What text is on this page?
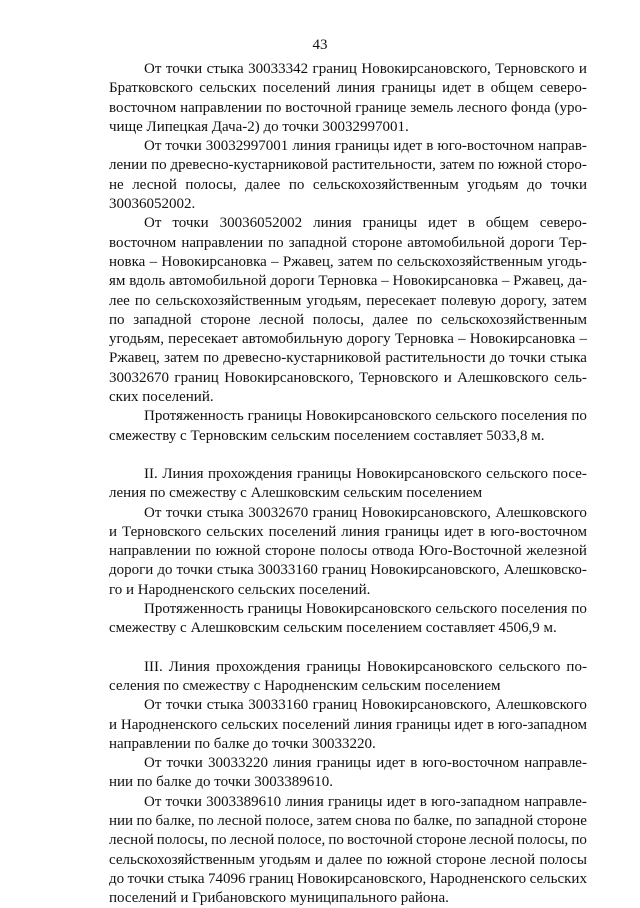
43
От точки стыка 30033342 границ Новокирсановского, Терновского и
Братковского сельских поселений линия границы идет в общем северо-
восточном направлении по восточной границе земель лесного фонда (уро-
чище Липецкая Дача-2) до точки 30032997001.
От точки 30032997001 линия границы идет в юго-восточном направ-
лении по древесно-кустарниковой растительности, затем по южной сторо-
не лесной полосы, далее по сельскохозяйственным угодьям до точки
30036052002.
От точки 30036052002 линия границы идет в общем северо-
восточном направлении по западной стороне автомобильной дороги Тер-
новка – Новокирсановка – Ржавец, затем по сельскохозяйственным угодь-
ям вдоль автомобильной дороги Терновка – Новокирсановка – Ржавец, да-
лее по сельскохозяйственным угодьям, пересекает полевую дорогу, затем
по западной стороне лесной полосы, далее по сельскохозяйственным
угодьям, пересекает автомобильную дорогу Терновка – Новокирсановка –
Ржавец, затем по древесно-кустарниковой растительности до точки стыка
30032670 границ Новокирсановского, Терновского и Алешковского сель-
ских поселений.
Протяженность границы Новокирсановского сельского поселения по
смежеству с Терновским сельским поселением составляет 5033,8 м.
II. Линия прохождения границы Новокирсановского сельского посе-
ления по смежеству с Алешковским сельским поселением
От точки стыка 30032670 границ Новокирсановского, Алешковского
и Терновского сельских поселений линия границы идет в юго-восточном
направлении по южной стороне полосы отвода Юго-Восточной железной
дороги до точки стыка 30033160 границ Новокирсановского, Алешковско-
го и Народненского сельских поселений.
Протяженность границы Новокирсановского сельского поселения по
смежеству с Алешковским сельским поселением составляет 4506,9 м.
III. Линия прохождения границы Новокирсановского сельского по-
селения по смежеству с Народненским сельским поселением
От точки стыка 30033160 границ Новокирсановского, Алешковского
и Народненского сельских поселений линия границы идет в юго-западном
направлении по балке до точки 30033220.
От точки 30033220 линия границы идет в юго-восточном направле-
нии по балке до точки 3003389610.
От точки 3003389610 линия границы идет в юго-западном направле-
нии по балке, по лесной полосе, затем снова по балке, по западной стороне
лесной полосы, по лесной полосе, по восточной стороне лесной полосы, по
сельскохозяйственным угодьям и далее по южной стороне лесной полосы
до точки стыка 74096 границ Новокирсановского, Народненского сельских
поселений и Грибановского муниципального района.
